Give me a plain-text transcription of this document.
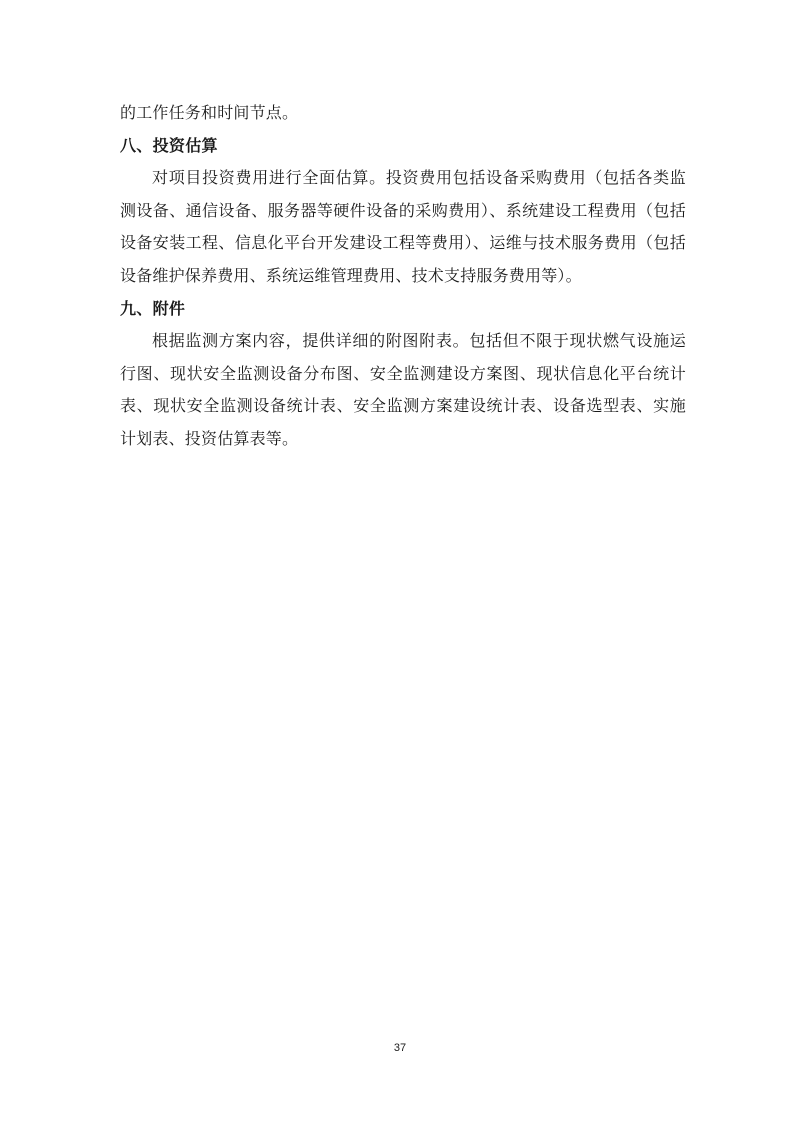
的工作任务和时间节点。

八、投资估算

对项目投资费用进行全面估算。投资费用包括设备采购费用（包括各类监测设备、通信设备、服务器等硬件设备的采购费用）、系统建设工程费用（包括设备安装工程、信息化平台开发建设工程等费用）、运维与技术服务费用（包括设备维护保养费用、系统运维管理费用、技术支持服务费用等）。

九、附件

根据监测方案内容，提供详细的附图附表。包括但不限于现状燃气设施运行图、现状安全监测设备分布图、安全监测建设方案图、现状信息化平台统计表、现状安全监测设备统计表、安全监测方案建设统计表、设备选型表、实施计划表、投资估算表等。

37
